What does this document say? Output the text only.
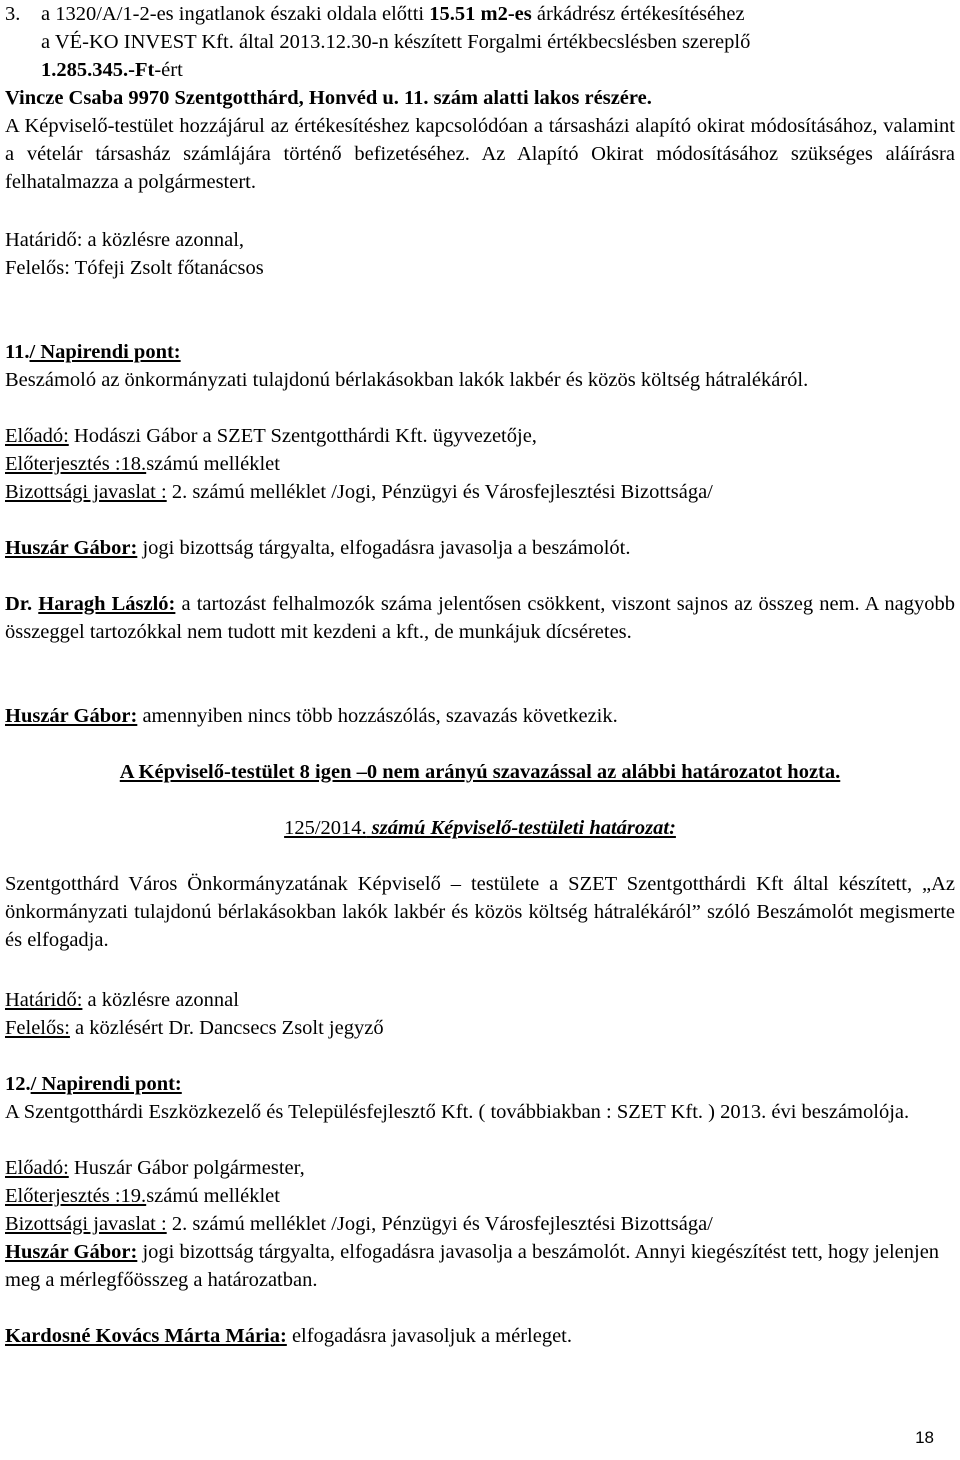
3. a 1320/A/1-2-es ingatlanok északi oldala előtti 15.51 m2-es árkádrész értékesítéséhez

a VÉ-KO INVEST Kft. által 2013.12.30-n készített Forgalmi értékbecslésben szereplő

1.285.345.-Ft-ért

Vincze Csaba 9970 Szentgotthárd, Honvéd u. 11. szám alatti lakos részére.
A Képviselő-testület hozzájárul az értékesítéshez kapcsolódóan a társasházi alapító okirat módosításához, valamint a vételár társasház számlájára történő befizetéséhez. Az Alapító Okirat módosításához szükséges aláírásra felhatalmazza a polgármestert.
Határidő: a közlésre azonnal,
Felelős: Tófeji Zsolt főtanácsos
11./ Napirendi pont:
Beszámoló az önkormányzati tulajdonú bérlakásokban lakók lakbér és közös költség hátralékáról.
Előadó: Hodászi Gábor a SZET Szentgotthárdi Kft. ügyvezetője,
Előterjesztés :18.számú melléklet
Bizottsági javaslat : 2. számú melléklet /Jogi, Pénzügyi és Városfejlesztési Bizottsága/
Huszár Gábor: jogi bizottság tárgyalta, elfogadásra javasolja a beszámolót.
Dr. Haragh László: a tartozást felhalmozók száma jelentősen csökkent, viszont sajnos az összeg nem. A nagyobb összeggel tartozókkal nem tudott mit kezdeni a kft., de munkájuk dícséretes.
Huszár Gábor: amennyiben nincs több hozzászólás, szavazás következik.
A Képviselő-testület 8 igen –0 nem arányú szavazással az alábbi határozatot hozta.
125/2014. számú Képviselő-testületi határozat:
Szentgotthárd Város Önkormányzatának Képviselő – testülete a SZET Szentgotthárdi Kft által készített, „Az önkormányzati tulajdonú bérlakásokban lakók lakbér és közös költség hátralékáról” szóló Beszámolót megismerte és elfogadja.
Határidő: a közlésre azonnal
Felelős: a közlésért Dr. Dancsecs Zsolt jegyző
12./ Napirendi pont:
A Szentgotthárdi Eszközkezelő és Településfejlesztő Kft. ( továbbiakban : SZET Kft. ) 2013. évi beszámolója.
Előadó: Huszár Gábor polgármester,
Előterjesztés :19.számú melléklet
Bizottsági javaslat : 2. számú melléklet /Jogi, Pénzügyi és Városfejlesztési Bizottsága/
Huszár Gábor: jogi bizottság tárgyalta, elfogadásra javasolja a beszámolót. Annyi kiegészítést tett, hogy jelenjen meg a mérlegfőösszeg a határozatban.
Kardosné Kovács Márta Mária: elfogadásra javasoljuk a mérleget.
18
